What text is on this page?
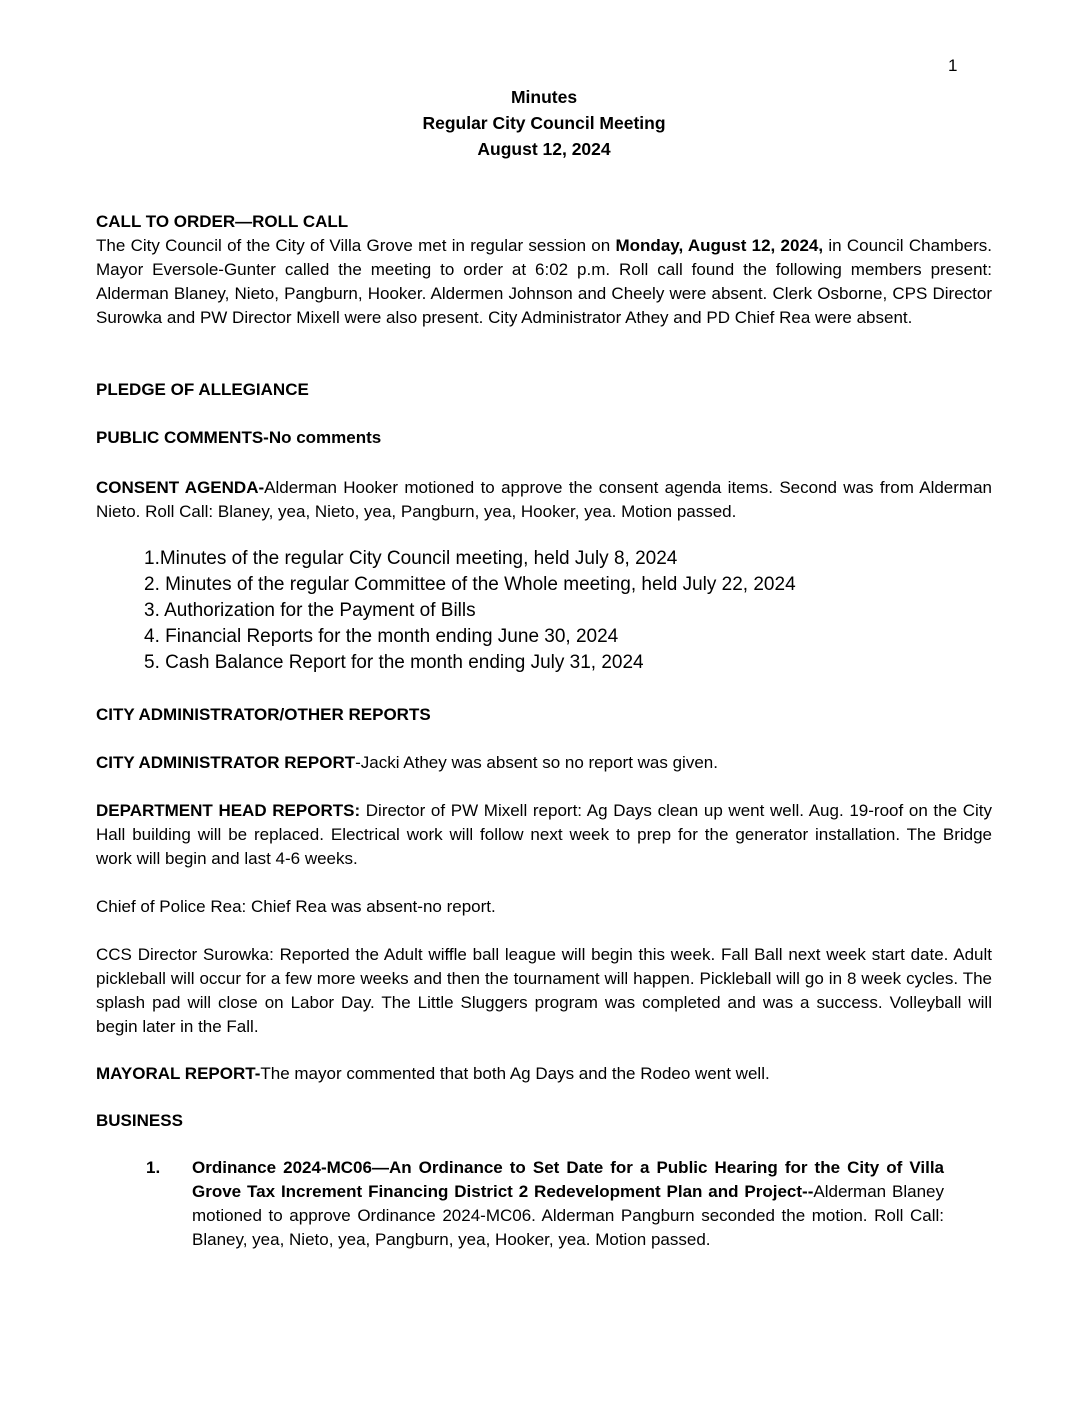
1
Minutes
Regular City Council Meeting
August 12, 2024
CALL TO ORDER—ROLL CALL
The City Council of the City of Villa Grove met in regular session on Monday, August 12, 2024, in Council Chambers. Mayor Eversole-Gunter called the meeting to order at 6:02 p.m. Roll call found the following members present: Alderman Blaney, Nieto, Pangburn, Hooker. Aldermen Johnson and Cheely were absent. Clerk Osborne, CPS Director Surowka and PW Director Mixell were also present. City Administrator Athey and PD Chief Rea were absent.
PLEDGE OF ALLEGIANCE
PUBLIC COMMENTS-No comments
CONSENT AGENDA-Alderman Hooker motioned to approve the consent agenda items. Second was from Alderman Nieto. Roll Call: Blaney, yea, Nieto, yea, Pangburn, yea, Hooker, yea. Motion passed.
1.Minutes of the regular City Council meeting, held July 8, 2024
2. Minutes of the regular Committee of the Whole meeting, held July 22, 2024
3. Authorization for the Payment of Bills
4. Financial Reports for the month ending June 30, 2024
5. Cash Balance Report for the month ending July 31, 2024
CITY ADMINISTRATOR/OTHER REPORTS
CITY ADMINISTRATOR REPORT-Jacki Athey was absent so no report was given.
DEPARTMENT HEAD REPORTS: Director of PW Mixell report: Ag Days clean up went well. Aug. 19-roof on the City Hall building will be replaced. Electrical work will follow next week to prep for the generator installation. The Bridge work will begin and last 4-6 weeks.
Chief of Police Rea: Chief Rea was absent-no report.
CCS Director Surowka: Reported the Adult wiffle ball league will begin this week. Fall Ball next week start date. Adult pickleball will occur for a few more weeks and then the tournament will happen. Pickleball will go in 8 week cycles. The splash pad will close on Labor Day. The Little Sluggers program was completed and was a success. Volleyball will begin later in the Fall.
MAYORAL REPORT-The mayor commented that both Ag Days and the Rodeo went well.
BUSINESS
1. Ordinance 2024-MC06—An Ordinance to Set Date for a Public Hearing for the City of Villa Grove Tax Increment Financing District 2 Redevelopment Plan and Project--Alderman Blaney motioned to approve Ordinance 2024-MC06. Alderman Pangburn seconded the motion. Roll Call: Blaney, yea, Nieto, yea, Pangburn, yea, Hooker, yea. Motion passed.
